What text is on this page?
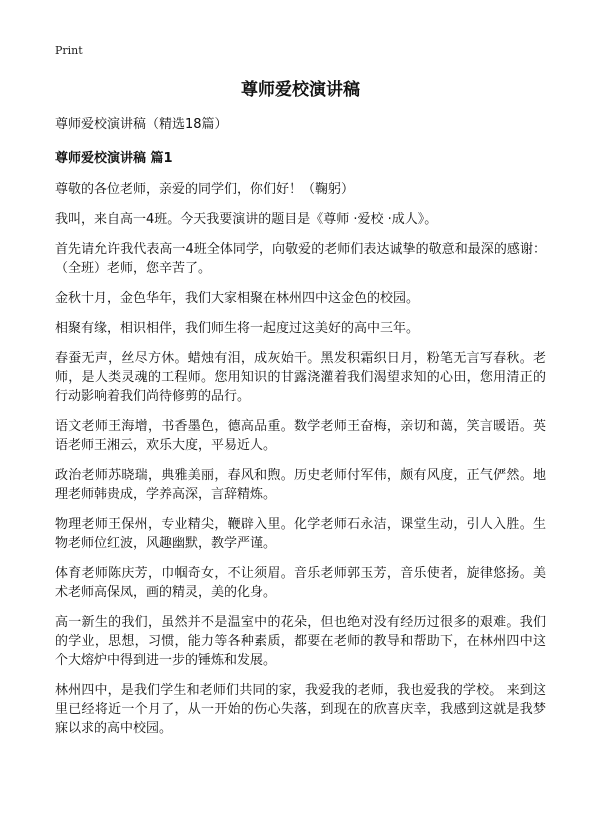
Print
尊师爱校演讲稿
尊师爱校演讲稿（精选18篇）
尊师爱校演讲稿 篇1

尊敬的各位老师，亲爱的同学们，你们好！（鞠躬）

我叫，来自高一4班。今天我要演讲的题目是《尊师 ·爱校 ·成人》。

首先请允许我代表高一4班全体同学，向敬爱的老师们表达诚挚的敬意和最深的感谢：（全班）老师，您辛苦了。

金秋十月，金色华年，我们大家相聚在林州四中这金色的校园。

相聚有缘，相识相伴，我们师生将一起度过这美好的高中三年。

春蚕无声，丝尽方休。蜡烛有泪，成灰始干。黑发积霜织日月，粉笔无言写春秋。老师，是人类灵魂的工程师。您用知识的甘露浇灌着我们渴望求知的心田，您用清正的行动影响着我们尚待修剪的品行。

语文老师王海增，书香墨色，德高品重。数学老师王奋梅，亲切和蔼，笑言暖语。英语老师王湘云，欢乐大度，平易近人。

政治老师苏晓瑞，典雅美丽，春风和煦。历史老师付军伟，颇有风度，正气俨然。地理老师韩贵成，学养高深，言辞精炼。

物理老师王保州，专业精尖，鞭辟入里。化学老师石永洁，课堂生动，引人入胜。生物老师位红波，风趣幽默，教学严谨。

体育老师陈庆芳，巾帼奇女，不让须眉。音乐老师郭玉芳，音乐使者，旋律悠扬。美术老师高保凤，画的精灵，美的化身。

高一新生的我们，虽然并不是温室中的花朵，但也绝对没有经历过很多的艰难。我们的学业，思想，习惯，能力等各种素质，都要在老师的教导和帮助下，在林州四中这个大熔炉中得到进一步的锤炼和发展。

林州四中，是我们学生和老师们共同的家，我爱我的老师，我也爱我的学校。 来到这里已经将近一个月了，从一开始的伤心失落，到现在的欣喜庆幸，我感到这就是我梦寐以求的高中校园。
